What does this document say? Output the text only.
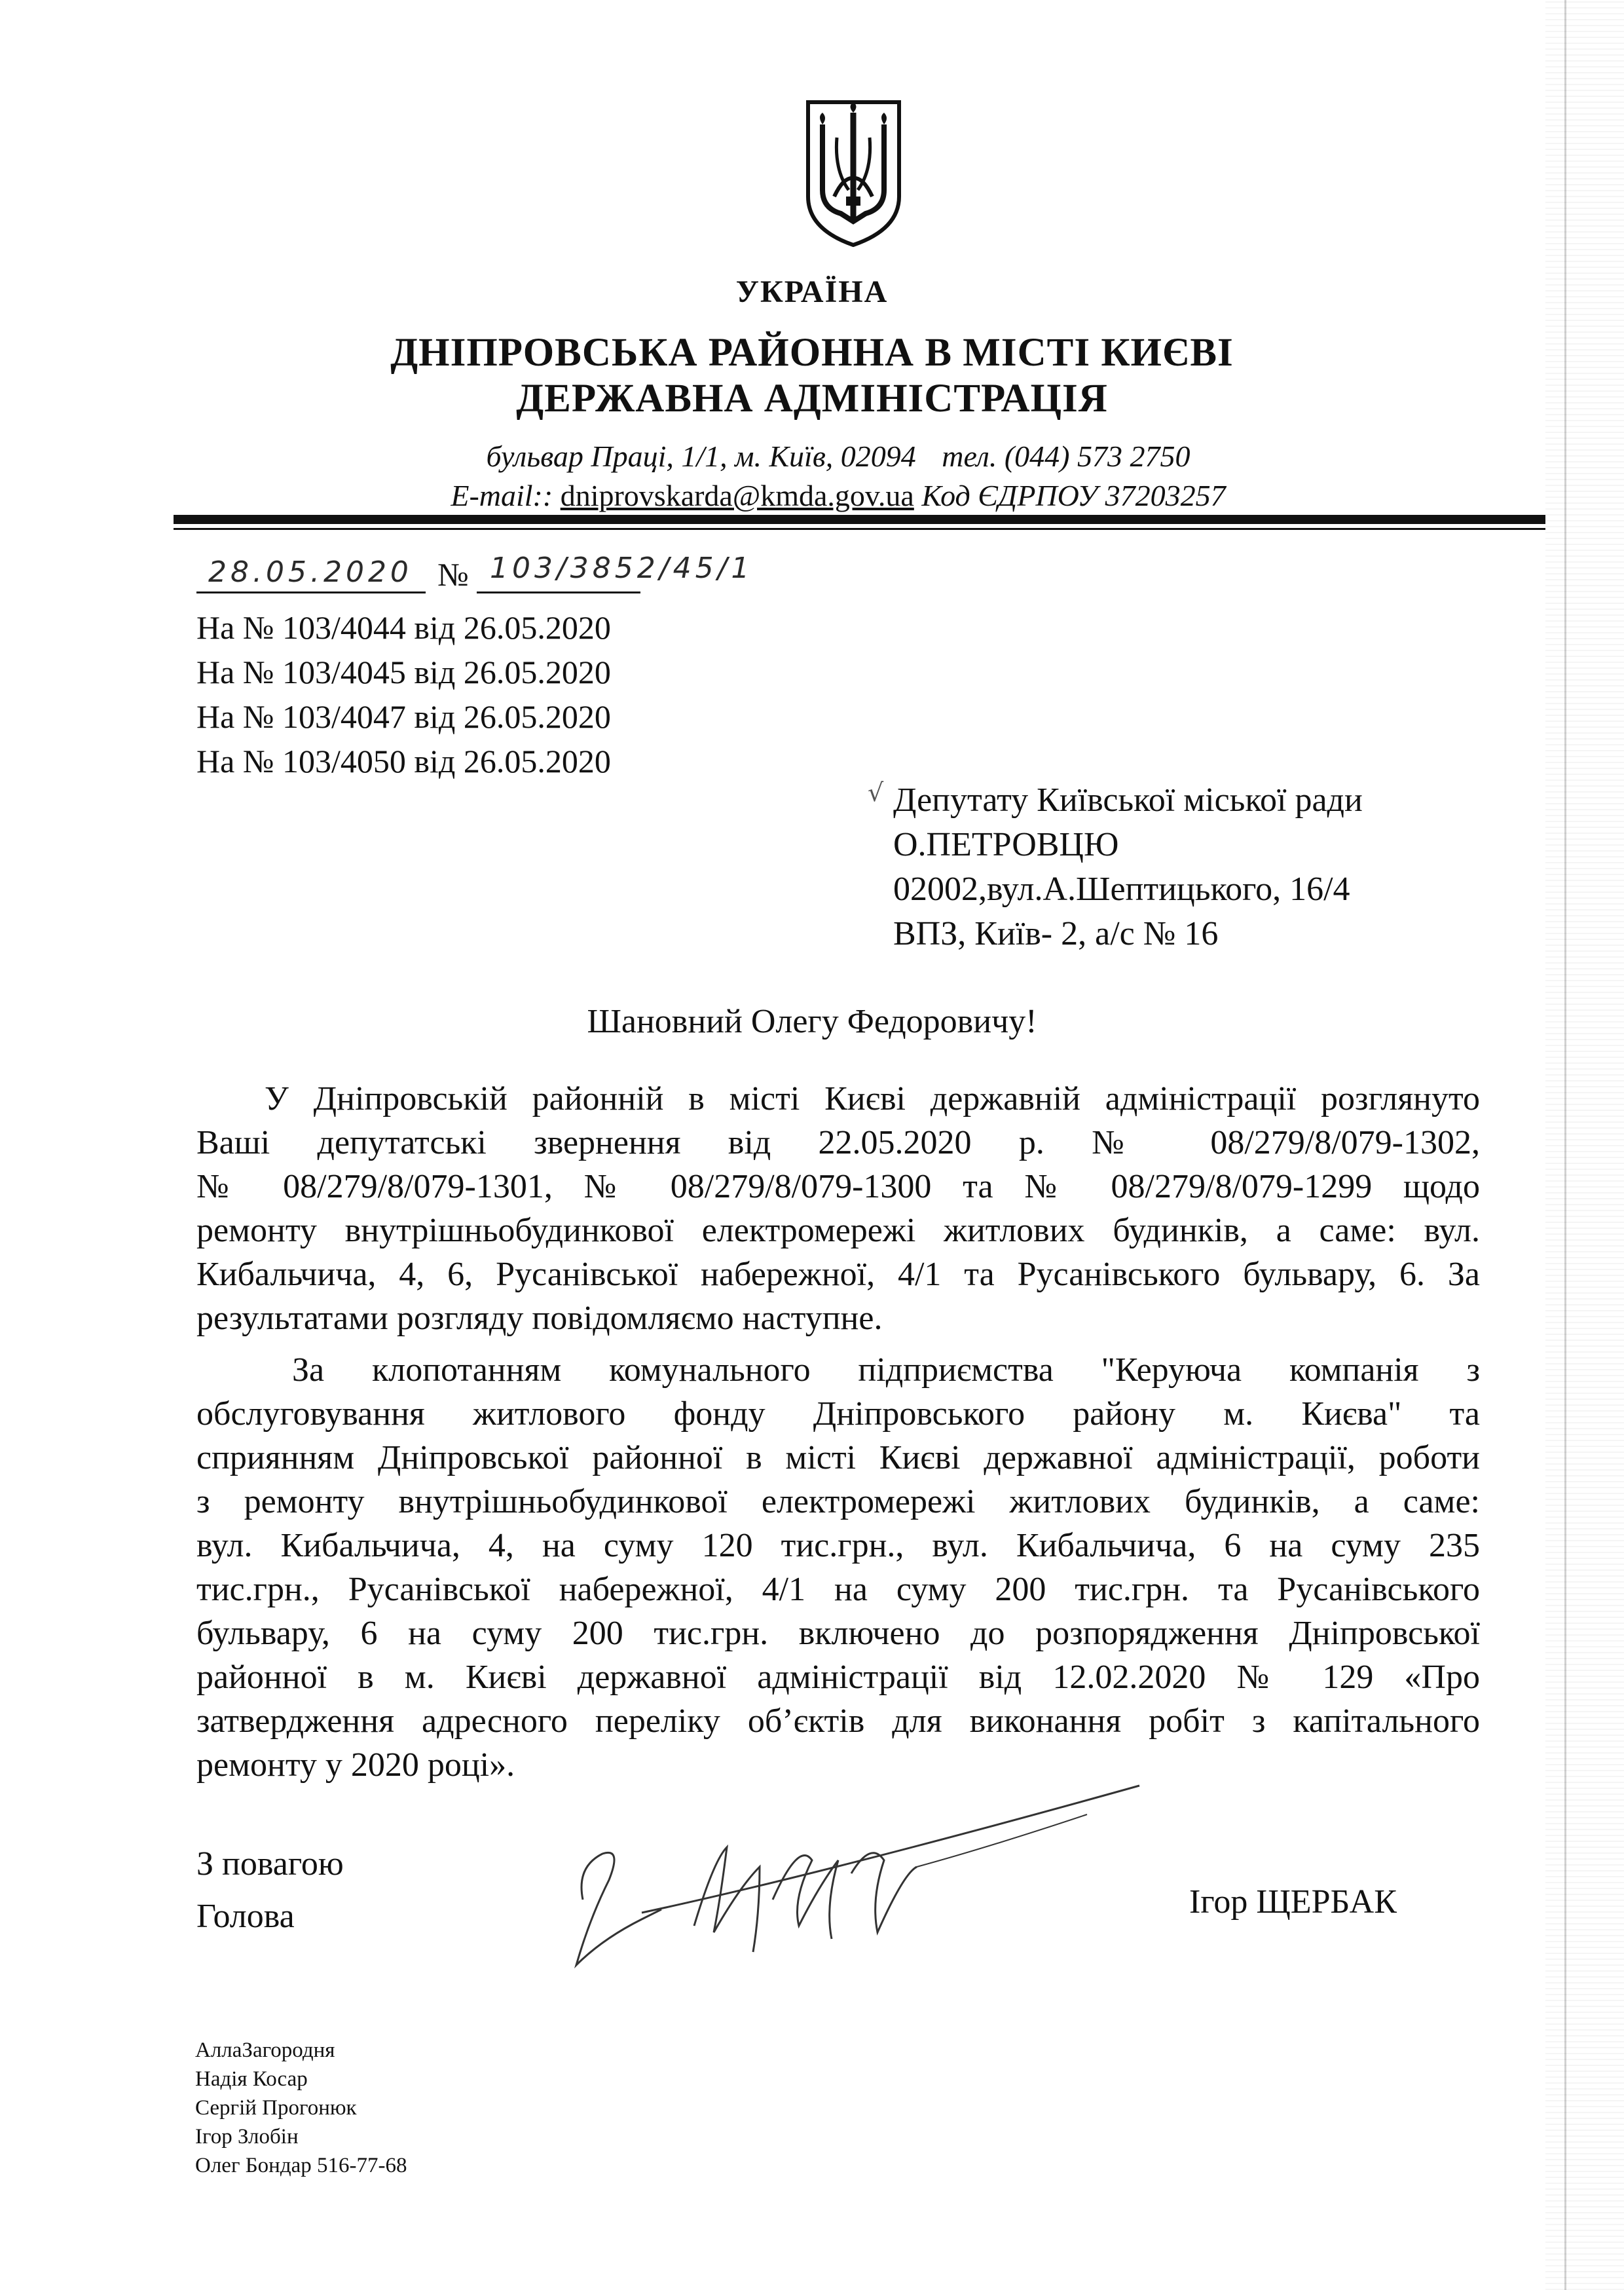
УКРАЇНА
ДНІПРОВСЬКА РАЙОННА В МІСТІ КИЄВІ
ДЕРЖАВНА АДМІНІСТРАЦІЯ
бульвар Праці, 1/1, м. Київ, 02094 тел. (044) 573 2750
E-mail:: dniprovskarda@kmda.gov.ua Код ЄДРПОУ 37203257
28.05.2020 № 103/3852/45/1
На № 103/4044 від 26.05.2020
На № 103/4045 від 26.05.2020
На № 103/4047 від 26.05.2020
На № 103/4050 від 26.05.2020
√ Депутату Київської міської ради
О.ПЕТРОВЦЮ
02002,вул.А.Шептицького, 16/4
ВПЗ, Київ- 2, а/с № 16
Шановний Олегу Федоровичу!
У Дніпровській районній в місті Києві державній адміністрації розглянуто
Ваші депутатські звернення від 22.05.2020 р. № 08/279/8/079-1302,
№ 08/279/8/079-1301, № 08/279/8/079-1300 та № 08/279/8/079-1299 щодо
ремонту внутрішньобудинкової електромережі житлових будинків, а саме: вул.
Кибальчича, 4, 6, Русанівської набережної, 4/1 та Русанівського бульвару, 6. За
результатами розгляду повідомляємо наступне.
За клопотанням комунального підприємства "Керуюча компанія з
обслуговування житлового фонду Дніпровського району м. Києва" та
сприянням Дніпровської районної в місті Києві державної адміністрації, роботи
з ремонту внутрішньобудинкової електромережі житлових будинків, а саме:
вул. Кибальчича, 4, на суму 120 тис.грн., вул. Кибальчича, 6 на суму 235
тис.грн., Русанівської набережної, 4/1 на суму 200 тис.грн. та Русанівського
бульвару, 6 на суму 200 тис.грн. включено до розпорядження Дніпровської
районної в м. Києві державної адміністрації від 12.02.2020 № 129 «Про
затвердження адресного переліку об’єктів для виконання робіт з капітального
ремонту у 2020 році».
З повагою
Голова	Ігор ЩЕРБАК
АллаЗагородня
Надія Косар
Сергій Прогонюк
Ігор Злобін
Олег Бондар 516-77-68
